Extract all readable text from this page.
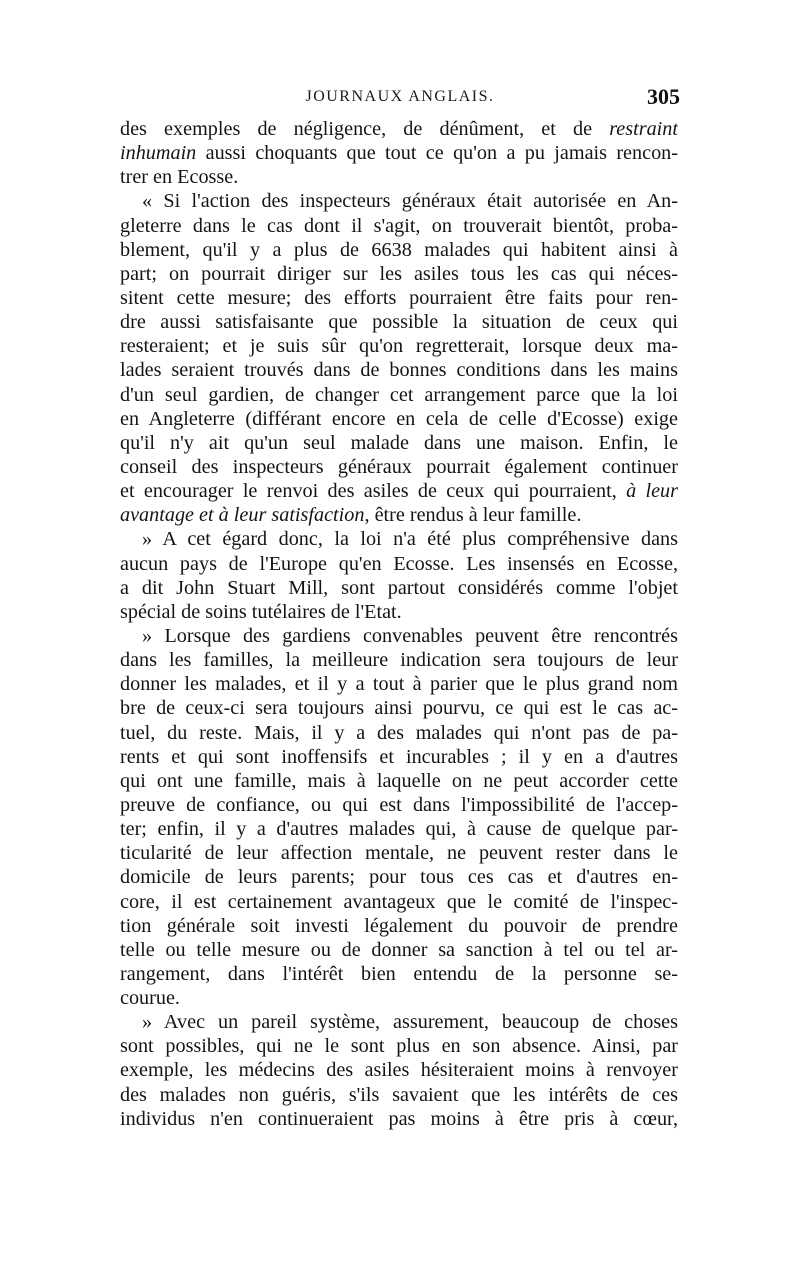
JOURNAUX ANGLAIS.	305
des exemples de négligence, de dénûment, et de restraint
inhumain aussi choquants que tout ce qu'on a pu jamais rencon-
trer en Ecosse.
« Si l'action des inspecteurs généraux était autorisée en An-
gleterre dans le cas dont il s'agit, on trouverait bientôt, proba-
blement, qu'il y a plus de 6638 malades qui habitent ainsi à
part; on pourrait diriger sur les asiles tous les cas qui néces-
sitent cette mesure; des efforts pourraient être faits pour ren-
dre aussi satisfaisante que possible la situation de ceux qui
resteraient; et je suis sûr qu'on regretterait, lorsque deux ma-
lades seraient trouvés dans de bonnes conditions dans les mains
d'un seul gardien, de changer cet arrangement parce que la loi
en Angleterre (différant encore en cela de celle d'Ecosse) exige
qu'il n'y ait qu'un seul malade dans une maison. Enfin, le
conseil des inspecteurs généraux pourrait également continuer
et encourager le renvoi des asiles de ceux qui pourraient, à leur
avantage et à leur satisfaction, être rendus à leur famille.
» A cet égard donc, la loi n'a été plus compréhensive dans
aucun pays de l'Europe qu'en Ecosse. Les insensés en Ecosse,
a dit John Stuart Mill, sont partout considérés comme l'objet
spécial de soins tutélaires de l'Etat.
» Lorsque des gardiens convenables peuvent être rencontrés
dans les familles, la meilleure indication sera toujours de leur
donner les malades, et il y a tout à parier que le plus grand nom
bre de ceux-ci sera toujours ainsi pourvu, ce qui est le cas ac-
tuel, du reste. Mais, il y a des malades qui n'ont pas de pa-
rents et qui sont inoffensifs et incurables ; il y en a d'autres
qui ont une famille, mais à laquelle on ne peut accorder cette
preuve de confiance, ou qui est dans l'impossibilité de l'accep-
ter; enfin, il y a d'autres malades qui, à cause de quelque par-
ticularité de leur affection mentale, ne peuvent rester dans le
domicile de leurs parents; pour tous ces cas et d'autres en-
core, il est certainement avantageux que le comité de l'inspec-
tion générale soit investi légalement du pouvoir de prendre
telle ou telle mesure ou de donner sa sanction à tel ou tel ar-
rangement, dans l'intérêt bien entendu de la personne se-
courue.
» Avec un pareil système, assurement, beaucoup de choses
sont possibles, qui ne le sont plus en son absence. Ainsi, par
exemple, les médecins des asiles hésiteraient moins à renvoyer
des malades non guéris, s'ils savaient que les intérêts de ces
individus n'en continueraient pas moins à être pris à cœur,
